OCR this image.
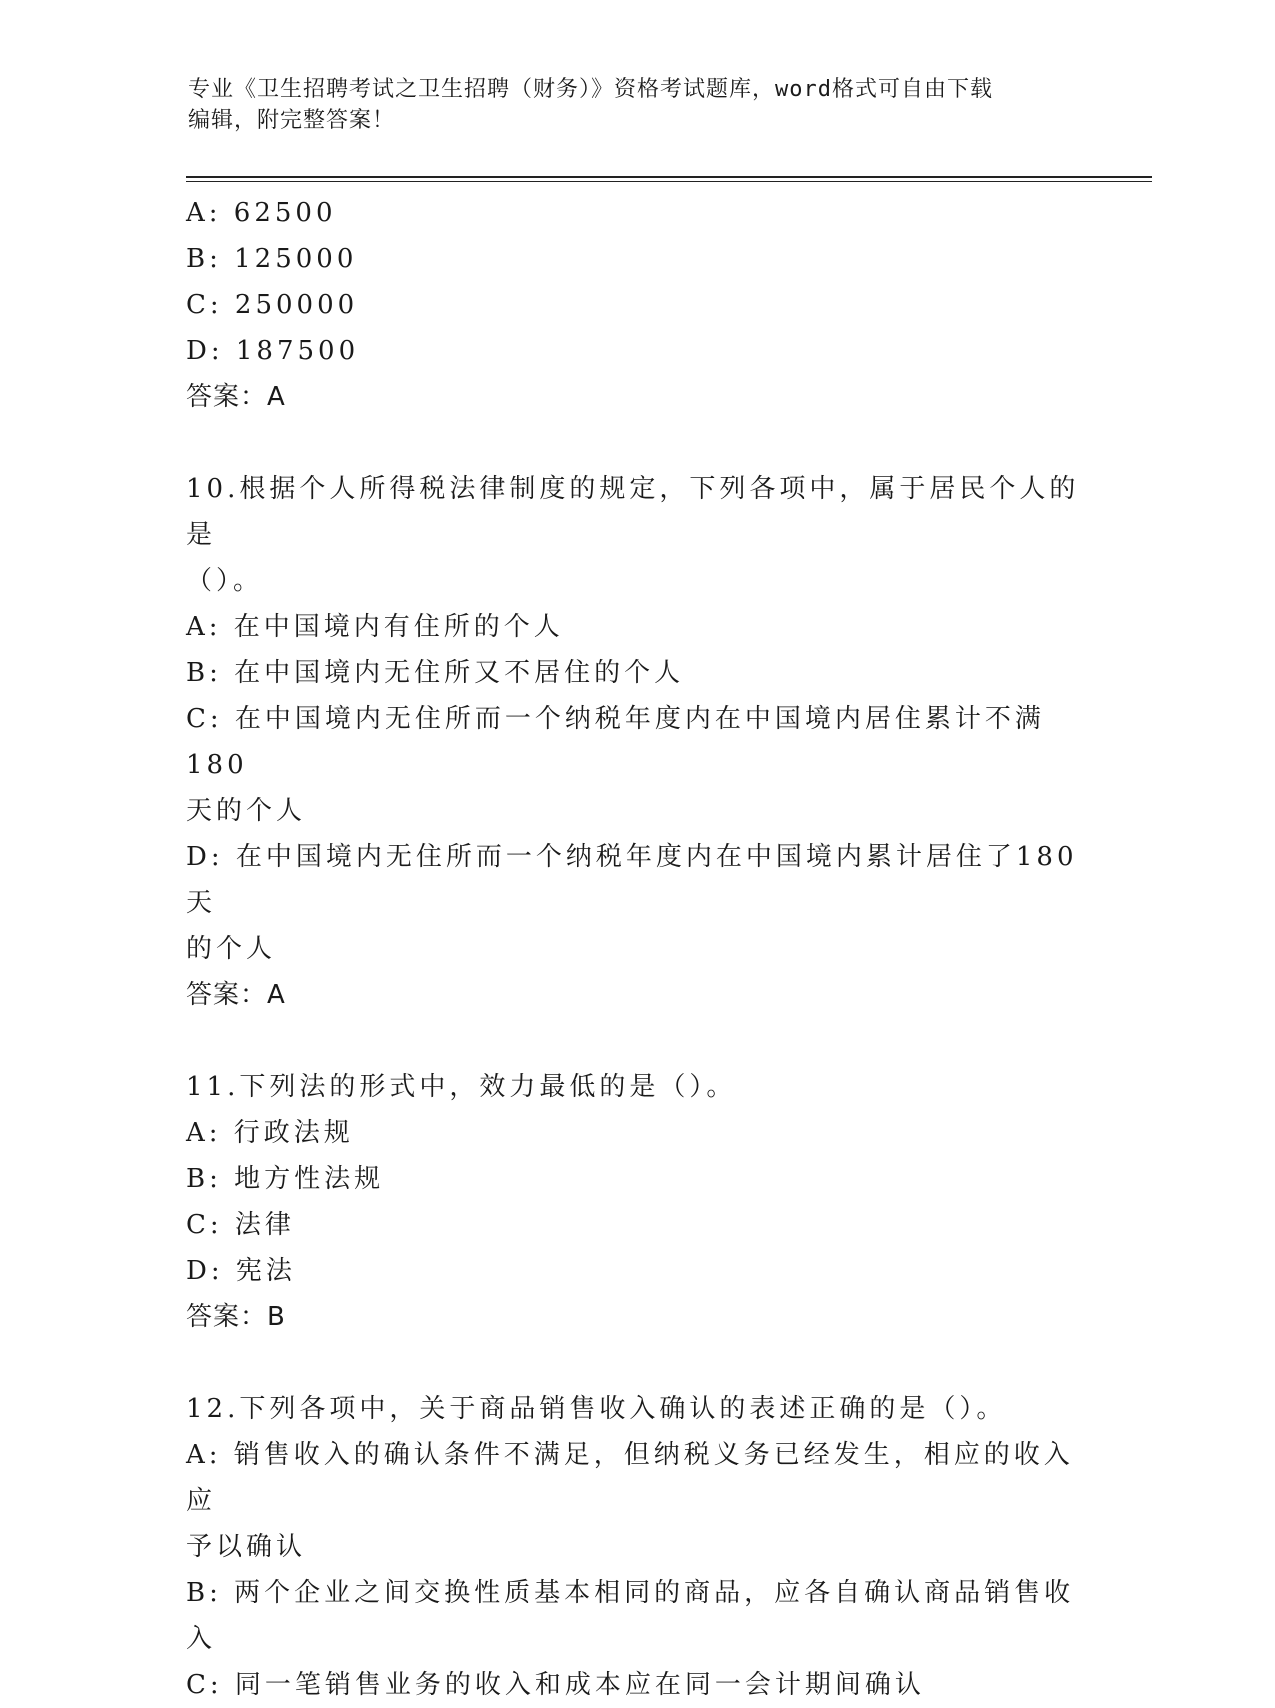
专业《卫生招聘考试之卫生招聘（财务）》资格考试题库，word格式可自由下载
编辑，附完整答案！
A: 62500
B: 125000
C: 250000
D: 187500
答案：A
10.根据个人所得税法律制度的规定，下列各项中，属于居民个人的是
（）。
A: 在中国境内有住所的个人
B: 在中国境内无住所又不居住的个人
C: 在中国境内无住所而一个纳税年度内在中国境内居住累计不满180
天的个人
D: 在中国境内无住所而一个纳税年度内在中国境内累计居住了180天
的个人
答案：A
11.下列法的形式中，效力最低的是（）。
A: 行政法规
B: 地方性法规
C: 法律
D: 宪法
答案：B
12.下列各项中，关于商品销售收入确认的表述正确的是（）。
A: 销售收入的确认条件不满足，但纳税义务已经发生，相应的收入应
予以确认
B: 两个企业之间交换性质基本相同的商品，应各自确认商品销售收入
C: 同一笔销售业务的收入和成本应在同一会计期间确认
